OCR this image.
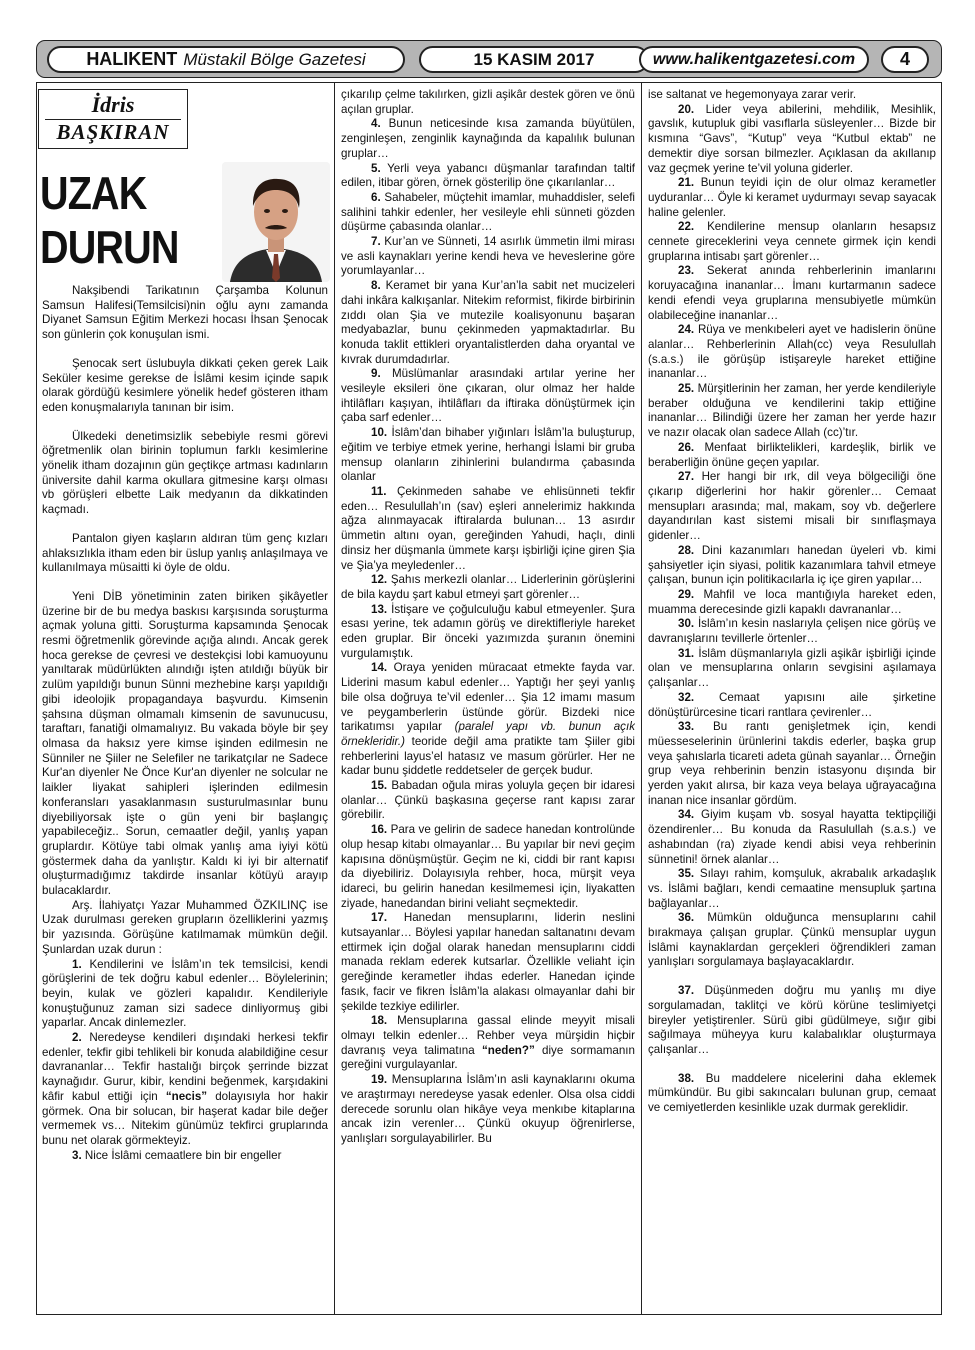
HALIKENT Müstakil Bölge Gazetesi	15 KASIM 2017	www.halikentgazetesi.com	4
İdris
BAŞKIRAN
UZAK
DURUN

Nakşibendi Tarikatının Çarşamba Kolunun Samsun Halifesi(Temsilcisi)nin oğlu aynı zamanda Diyanet Samsun Eğitim Merkezi hocası İhsan Şenocak son günlerin çok konuşulan ismi.

Şenocak sert üslubuyla dikkati çeken gerek Laik Seküler kesime gerekse de İslâmi kesim içinde sapık olarak gördüğü kesimlere yönelik hedef gösteren itham eden konuşmalarıyla tanınan bir isim.

Ülkedeki denetimsizlik sebebiyle resmi görevi öğretmenlik olan birinin toplumun farklı kesimlerine yönelik itham dozajının gün geçtikçe artması kadınların üniversite dahil karma okullara gitmesine karşı olması vb görüşleri elbette Laik medyanın da dikkatinden kaçmadı.

Pantalon giyen kaşların aldıran tüm genç kızları ahlaksızlıkla itham eden bir üslup yanlış anlaşılmaya ve kullanılmaya müsaitti ki öyle de oldu.

Yeni DİB yönetiminin zaten biriken şikâyetler üzerine bir de bu medya baskısı karşısında soruşturma açmak yoluna gitti. Soruşturma kapsamında Şenocak resmi öğretmenlik görevinde açığa alındı. Ancak gerek hoca gerekse de çevresi ve destekçisi lobi kamuoyunu yanıltarak müdürlükten alındığı işten atıldığı büyük bir zulüm yapıldığı bunun Sünni mezhebine karşı yapıldığı gibi ideolojik propagandaya başvurdu. Kimsenin şahsına düşman olmamalı kimsenin de savunucusu, taraftarı, fanatiği olmamalıyız. Bu vakada böyle bir şey olmasa da haksız yere kimse işinden edilmesin ne Sünniler ne Şiiler ne Selefiler ne tarikatçılar ne Sadece Kur'an diyenler Ne Önce Kur'an diyenler ne solcular ne laikler liyakat sahipleri işlerinden edilmesin konferansları yasaklanmasın susturulmasınlar bunu diyebiliyorsak işte o gün yeni bir başlangıç yapabileceğiz.. Sorun, cemaatler değil, yanlış yapan gruplardır. Kötüye tabi olmak yanlış ama iyiyi kötü göstermek daha da yanlıştır. Kaldı ki iyi bir alternatif oluşturmadığımız takdirde insanlar kötüyü arayıp bulacaklardır.

Arş. İlahiyatçı Yazar Muhammed ÖZKILINÇ ise Uzak durulması gereken grupların özelliklerini yazmış bir yazısında. Görüşüne katılmamak mümkün değil. Şunlardan uzak durun :

1. Kendilerini ve İslâm’ın tek temsilcisi, kendi görüşlerini de tek doğru kabul edenler… Böylelerinin; beyin, kulak ve gözleri kapalıdır. Kendileriyle konuştuğunuz zaman sizi sadece dinliyormuş gibi yaparlar. Ancak dinlemezler.

2. Neredeyse kendileri dışındaki herkesi tekfir edenler, tekfir gibi tehlikeli bir konuda alabildiğine cesur davrananlar… Tekfir hastalığı birçok şerrinde bizzat kaynağıdır. Gurur, kibir, kendini beğenmek, karşıdakini kâfir kabul ettiği için “necis” dolayısıyla hor hakir görmek. Ona bir solucan, bir haşerat kadar bile değer vermemek vs… Nitekim günümüz tekfirci gruplarında bunu net olarak görmekteyiz.

3. Nice İslâmi cemaatlere bin bir engeller

çıkarılıp çelme takılırken, gizli aşikâr destek gören ve önü açılan gruplar.

4. Bunun neticesinde kısa zamanda büyütülen, zenginleşen, zenginlik kaynağında da kapalılık bulunan gruplar…

5. Yerli veya yabancı düşmanlar tarafından taltif edilen, itibar gören, örnek gösterilip öne çıkarılanlar…

6. Sahabeler, müçtehit imamlar, muhaddisler, selefi salihini tahkir edenler, her vesileyle ehli sünneti gözden düşürme çabasında olanlar…

7. Kur’an ve Sünneti, 14 asırlık ümmetin ilmi mirası ve asli kaynakları yerine kendi heva ve heveslerine göre yorumlayanlar…

8. Keramet bir yana Kur’an’la sabit net mucizeleri dahi inkâra kalkışanlar. Nitekim reformist, fikirde birbirinin zıddı olan Şia ve mutezile koalisyonunu başaran medyabazlar, bunu çekinmeden yapmaktadırlar. Bu konuda taklit ettikleri oryantalistlerden daha oryantal ve kıvrak durumdadırlar.

9. Müslümanlar arasındaki artılar yerine her vesileyle eksileri öne çıkaran, olur olmaz her halde ihtilâfları kaşıyan, ihtilâfları da iftiraka dönüştürmek için çaba sarf edenler…

10. İslâm’dan bihaber yığınları İslâm’la buluşturup, eğitim ve terbiye etmek yerine, herhangi İslami bir gruba mensup olanların zihinlerini bulandırma çabasında olanlar

11. Çekinmeden sahabe ve ehlisünneti tekfir eden… Resulullah’ın (sav) eşleri annelerimiz hakkında ağza alınmayacak iftiralarda bulunan… 13 asırdır ümmetin altını oyan, gereğinden Yahudi, haçlı, dinli dinsiz her düşmanla ümmete karşı işbirliği içine giren Şia ve Şia’ya meyledenler…

12. Şahıs merkezli olanlar… Liderlerinin görüşlerini de bila kaydu şart kabul etmeyi şart görenler…

13. İstişare ve çoğulculuğu kabul etmeyenler. Şura esası yerine, tek adamın görüş ve direktifleriyle hareket eden gruplar. Bir önceki yazımızda şuranın önemini vurgulamıştık.

14. Oraya yeniden müracaat etmekte fayda var. Liderini masum kabul edenler… Yaptığı her şeyi yanlış bile olsa doğruya te’vil edenler… Şia 12 imamı masum ve peygamberlerin üstünde görür. Bizdeki nice tarikatımsı yapılar (paralel yapı vb. bunun açık örnekleridir.) teoride değil ama pratikte tam Şiiler gibi rehberlerini layus’el hatasız ve masum görürler. Her ne kadar bunu şiddetle reddetseler de gerçek budur.

15. Babadan oğula miras yoluyla geçen bir idaresi olanlar… Çünkü başkasına geçerse rant kapısı zarar görebilir.

16. Para ve gelirin de sadece hanedan kontrolünde olup hesap kitabı olmayanlar… Bu yapılar bir nevi geçim kapısına dönüşmüştür. Geçim ne ki, ciddi bir rant kapısı da diyebiliriz. Dolayısıyla rehber, hoca, mürşit veya idareci, bu gelirin hanedan kesilmemesi için, liyakatten ziyade, hanedandan birini veliaht seçmektedir.

17. Hanedan mensuplarını, liderin neslini kutsayanlar… Böylesi yapılar hanedan saltanatını devam ettirmek için doğal olarak hanedan mensuplarını ciddi manada reklam ederek kutsarlar. Özellikle veliaht için gereğinde kerametler ihdas ederler. Hanedan içinde fasık, facir ve fikren İslâm’la alakası olmayanlar dahi bir şekilde tezkiye edilirler.

18. Mensuplarına gassal elinde meyyit misali olmayı telkin edenler… Rehber veya mürşidin hiçbir davranış veya talimatına “neden?” diye sormamanın gereğini vurgulayanlar.

19. Mensuplarına İslâm’ın asli kaynaklarını okuma ve araştırmayı neredeyse yasak edenler. Olsa olsa ciddi derecede sorunlu olan hikâye veya menkıbe kitaplarına ancak izin verenler… Çünkü okuyup öğrenirlerse, yanlışları sorgulayabilirler. Bu

ise saltanat ve hegemonyaya zarar verir.

20. Lider veya abilerini, mehdilik, Mesihlik, gavslık, kutupluk gibi vasıflarla süsleyenler… Bizde bir kısmına “Gavs”, “Kutup” veya “Kutbul ektab” ne demektir diye sorsan bilmezler. Açıklasan da akıllanıp vaz geçmek yerine te’vil yoluna giderler.

21. Bunun teyidi için de olur olmaz kerametler uyduranlar… Öyle ki keramet uydurmayı sevap sayacak haline gelenler.

22. Kendilerine mensup olanların hesapsız cennete gireceklerini veya cennete girmek için kendi gruplarına intisabı şart görenler…

23. Sekerat anında rehberlerinin imanlarını koruyacağına inananlar… İmanı kurtarmanın sadece kendi efendi veya gruplarına mensubiyetle mümkün olabileceğine inananlar…

24. Rüya ve menkıbeleri ayet ve hadislerin önüne alanlar… Rehberlerinin Allah(cc) veya Resulullah (s.a.s.) ile görüşüp istişareyle hareket ettiğine inananlar…

25. Mürşitlerinin her zaman, her yerde kendileriyle beraber olduğuna ve kendilerini takip ettiğine inananlar… Bilindiği üzere her zaman her yerde hazır ve nazır olacak olan sadece Allah (cc)’tır.

26. Menfaat birliktelikleri, kardeşlik, birlik ve beraberliğin önüne geçen yapılar.

27. Her hangi bir ırk, dil veya bölgeciliği öne çıkarıp diğerlerini hor hakir görenler… Cemaat mensupları arasında; mal, makam, soy vb. değerlere dayandırılan kast sistemi misali bir sınıflaşmaya gidenler…

28. Dini kazanımları hanedan üyeleri vb. kimi şahsiyetler için siyasi, politik kazanımlara tahvil etmeye çalışan, bunun için politikacılarla iç içe giren yapılar…

29. Mahfil ve loca mantığıyla hareket eden, muamma derecesinde gizli kapaklı davrananlar…

30. İslâm’ın kesin naslarıyla çelişen nice görüş ve davranışlarını tevillerle örtenler…

31. İslâm düşmanlarıyla gizli aşikâr işbirliği içinde olan ve mensuplarına onların sevgisini aşılamaya çalışanlar…

32. Cemaat yapısını aile şirketine dönüştürürcesine ticari rantlara çevirenler…

33. Bu rantı genişletmek için, kendi müesseselerinin ürünlerini takdis ederler, başka grup veya şahıslarla ticareti adeta günah sayanlar… Örneğin grup veya rehberinin benzin istasyonu dışında bir yerden yakıt alırsa, bir kaza veya belaya uğrayacağına inanan nice insanlar gördüm.

34. Giyim kuşam vb. sosyal hayatta tektipçiliği özendirenler… Bu konuda da Rasulullah (s.a.s.) ve ashabından (ra) ziyade kendi abisi veya rehberinin sünnetini! örnek alanlar…

35. Sılayı rahim, komşuluk, akrabalık arkadaşlık vs. İslâmi bağları, kendi cemaatine mensupluk şartına bağlayanlar…

36. Mümkün olduğunca mensuplarını cahil bırakmaya çalışan gruplar. Çünkü mensuplar uygun İslâmi kaynaklardan gerçekleri öğrendikleri zaman yanlışları sorgulamaya başlayacaklardır.

37. Düşünmeden doğru mu yanlış mı diye sorgulamadan, taklitçi ve körü körüne teslimiyetçi bireyler yetiştirenler. Sürü gibi güdülmeye, sığır gibi sağılmaya müheyya kuru kalabalıklar oluşturmaya çalışanlar…

38. Bu maddelere nicelerini daha eklemek mümkündür. Bu gibi sakıncaları bulunan grup, cemaat ve cemiyetlerden kesinlikle uzak durmak gereklidir.
